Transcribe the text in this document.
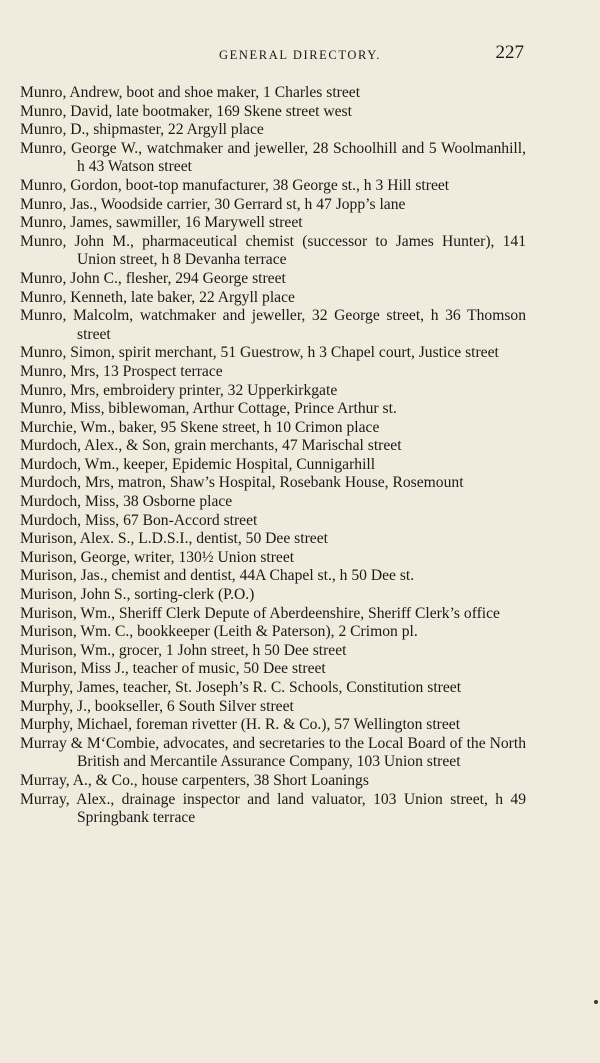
GENERAL DIRECTORY.	227
Munro, Andrew, boot and shoe maker, 1 Charles street
Munro, David, late bootmaker, 169 Skene street west
Munro, D., shipmaster, 22 Argyll place
Munro, George W., watchmaker and jeweller, 28 Schoolhill and 5 Woolmanhill, h 43 Watson street
Munro, Gordon, boot-top manufacturer, 38 George st., h 3 Hill street
Munro, Jas., Woodside carrier, 30 Gerrard st, h 47 Jopp’s lane
Munro, James, sawmiller, 16 Marywell street
Munro, John M., pharmaceutical chemist (successor to James Hunter), 141 Union street, h 8 Devanha terrace
Munro, John C., flesher, 294 George street
Munro, Kenneth, late baker, 22 Argyll place
Munro, Malcolm, watchmaker and jeweller, 32 George street, h 36 Thomson street
Munro, Simon, spirit merchant, 51 Guestrow, h 3 Chapel court, Justice street
Munro, Mrs, 13 Prospect terrace
Munro, Mrs, embroidery printer, 32 Upperkirkgate
Munro, Miss, biblewoman, Arthur Cottage, Prince Arthur st.
Murchie, Wm., baker, 95 Skene street, h 10 Crimon place
Murdoch, Alex., & Son, grain merchants, 47 Marischal street
Murdoch, Wm., keeper, Epidemic Hospital, Cunnigarhill
Murdoch, Mrs, matron, Shaw’s Hospital, Rosebank House, Rosemount
Murdoch, Miss, 38 Osborne place
Murdoch, Miss, 67 Bon-Accord street
Murison, Alex. S., L.D.S.I., dentist, 50 Dee street
Murison, George, writer, 130½ Union street
Murison, Jas., chemist and dentist, 44A Chapel st., h 50 Dee st.
Murison, John S., sorting-clerk (P.O.)
Murison, Wm., Sheriff Clerk Depute of Aberdeenshire, Sheriff Clerk’s office
Murison, Wm. C., bookkeeper (Leith & Paterson), 2 Crimon pl.
Murison, Wm., grocer, 1 John street, h 50 Dee street
Murison, Miss J., teacher of music, 50 Dee street
Murphy, James, teacher, St. Joseph’s R. C. Schools, Constitution street
Murphy, J., bookseller, 6 South Silver street
Murphy, Michael, foreman rivetter (H. R. & Co.), 57 Wellington street
Murray & M‘Combie, advocates, and secretaries to the Local Board of the North British and Mercantile Assurance Company, 103 Union street
Murray, A., & Co., house carpenters, 38 Short Loanings
Murray, Alex., drainage inspector and land valuator, 103 Union street, h 49 Springbank terrace
